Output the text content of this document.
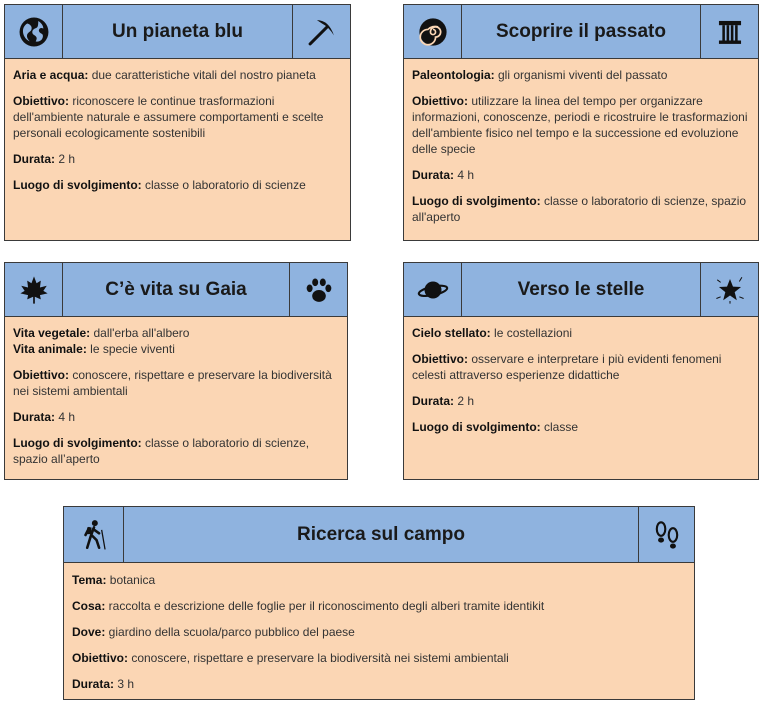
Un pianeta blu

Aria e acqua: due caratteristiche vitali del nostro pianeta

Obiettivo: riconoscere le continue trasformazioni dell'ambiente naturale e assumere comportamenti e scelte personali ecologicamente sostenibili

Durata: 2 h

Luogo di svolgimento: classe o laboratorio di scienze

Scoprire il passato

Paleontologia: gli organismi viventi del passato

Obiettivo: utilizzare la linea del tempo per organizzare informazioni, conoscenze, periodi e ricostruire le trasformazioni dell'ambiente fisico nel tempo e la successione ed evoluzione delle specie

Durata: 4 h

Luogo di svolgimento: classe o laboratorio di scienze, spazio all'aperto

C’è vita su Gaia

Vita vegetale: dall'erba all'albero

Vita animale: le specie viventi

Obiettivo: conoscere, rispettare e preservare la biodiversità nei sistemi ambientali

Durata: 4 h

Luogo di svolgimento: classe o laboratorio di scienze, spazio all’aperto

Verso le stelle

Cielo stellato: le costellazioni

Obiettivo: osservare e interpretare i più evidenti fenomeni celesti attraverso esperienze didattiche

Durata: 2 h

Luogo di svolgimento: classe

Ricerca sul campo

Tema: botanica

Cosa: raccolta e descrizione delle foglie per il riconoscimento degli alberi tramite identikit

Dove: giardino della scuola/parco pubblico del paese

Obiettivo: conoscere, rispettare e preservare la biodiversità nei sistemi ambientali

Durata: 3 h
